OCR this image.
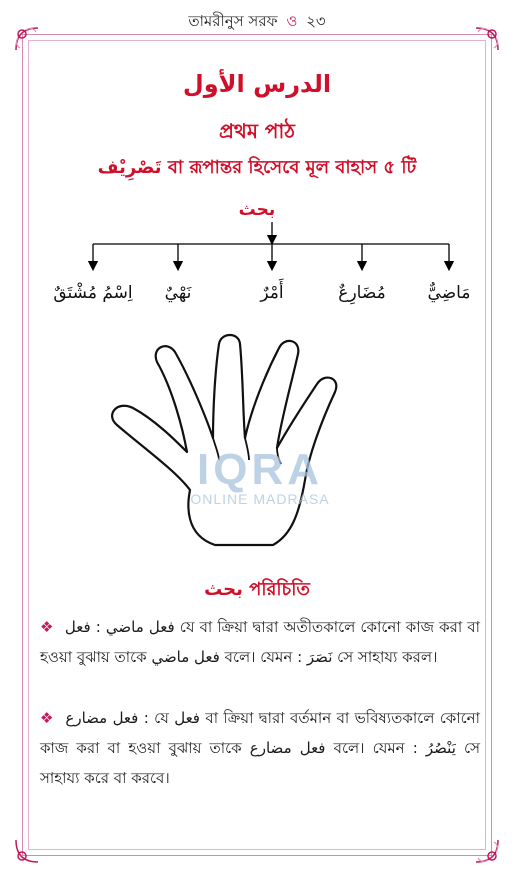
তামরীনুস সরফ ও ২৩
الدرس الأول
প্রথম পাঠ
تَصْرِيْف বা রূপান্তর হিসেবে মূল বাহাস ৫ টি
بحث
مَاضِيٌّ
مُضَارِعٌ
أَمْرٌ
نَهْيٌ
اِسْمُ مُشْتَقٌ
IQRA
ONLINE MADRASA
بحث পরিচিতি
❖	فعل ماضي : فعل যে বা ক্রিয়া দ্বারা অতীতকালে কোনো কাজ করা বা হওয়া বুঝায় তাকে فعل ماضي বলে। যেমন : نَصَرَ সে সাহায্য করল।
❖ فعل مضارع : যে فعل বা ক্রিয়া দ্বারা বর্তমান বা ভবিষ্যতকালে কোনো কাজ করা বা হওয়া বুঝায় তাকে فعل مضارع বলে। যেমন : يَنْصُرُ সে সাহায্য করে বা করবে।
